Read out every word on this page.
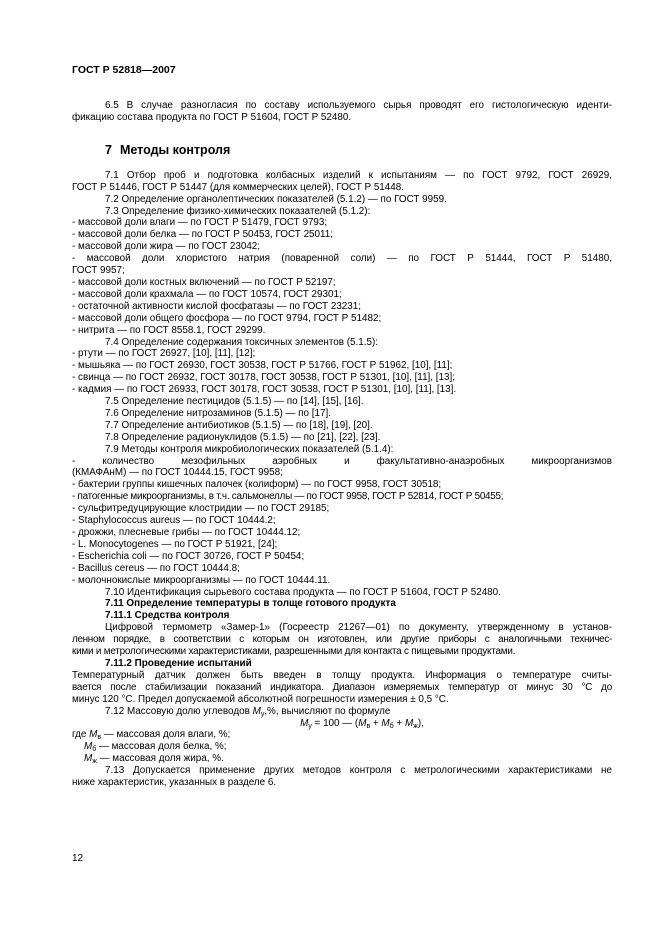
ГОСТ Р 52818—2007

6.5 В случае разногласия по составу используемого сырья проводят его гистологическую иденти-

фикацию состава продукта по ГОСТ Р 51604, ГОСТ Р 52480.

7 Методы контроля

7.1 Отбор проб и подготовка колбасных изделий к испытаниям — по ГОСТ 9792, ГОСТ 26929,

ГОСТ Р 51446, ГОСТ Р 51447 (для коммерческих целей), ГОСТ Р 51448.

7.2 Определение органолептических показателей (5.1.2) — по ГОСТ 9959.

7.3 Определение физико-химических показателей (5.1.2):

- массовой доли влаги — по ГОСТ Р 51479, ГОСТ 9793;

- массовой доли белка — по ГОСТ Р 50453, ГОСТ 25011;

- массовой доли жира — по ГОСТ 23042;

- массовой доли хлористого натрия (поваренной соли) — по ГОСТ Р 51444, ГОСТ Р 51480,

ГОСТ 9957;

- массовой доли костных включений — по ГОСТ Р 52197;

- массовой доли крахмала — по ГОСТ 10574, ГОСТ 29301;

- остаточной активности кислой фосфатазы — по ГОСТ 23231;

- массовой доли общего фосфора — по ГОСТ 9794, ГОСТ Р 51482;

- нитрита — по ГОСТ 8558.1, ГОСТ 29299.

7.4 Определение содержания токсичных элементов (5.1.5):

- ртути — по ГОСТ 26927, [10], [11], [12];

- мышьяка — по ГОСТ 26930, ГОСТ 30538, ГОСТ Р 51766, ГОСТ Р 51962, [10], [11];

- свинца — по ГОСТ 26932, ГОСТ 30178, ГОСТ 30538, ГОСТ Р 51301, [10], [11], [13];

- кадмия — по ГОСТ 26933, ГОСТ 30178, ГОСТ 30538, ГОСТ Р 51301, [10], [11], [13].

7.5 Определение пестицидов (5.1.5) — по [14], [15], [16].

7.6 Определение нитрозаминов (5.1.5) — по [17].

7.7 Определение антибиотиков (5.1.5) — по [18], [19], [20].

7.8 Определение радионуклидов (5.1.5) — по [21], [22], [23].

7.9 Методы контроля микробиологических показателей (5.1.4):

- количество мезофильных аэробных и факультативно-анаэробных микроорганизмов

(КМАФАнМ) — по ГОСТ 10444.15, ГОСТ 9958;

- бактерии группы кишечных палочек (колиформ) — по ГОСТ 9958, ГОСТ 30518;

- патогенные микроорганизмы, в т.ч. сальмонеллы — по ГОСТ 9958, ГОСТ Р 52814, ГОСТ Р 50455;

- сульфитредуцирующие клостридии — по ГОСТ 29185;

- Staphylococcus aureus — по ГОСТ 10444.2;

- дрожжи, плесневые грибы — по ГОСТ 10444.12;

- L. Monocytogenes — по ГОСТ Р 51921, [24];

- Escherichia coli — по ГОСТ 30726, ГОСТ Р 50454;

- Bacillus cereus — по ГОСТ 10444.8;

- молочнокислые микроорганизмы — по ГОСТ 10444.11.

7.10 Идентификация сырьевого состава продукта — по ГОСТ Р 51604, ГОСТ Р 52480.

7.11 Определение температуры в толще готового продукта

7.11.1 Средства контроля

Цифровой термометр «Замер-1» (Госреестр 21267—01) по документу, утвержденному в установ-

ленном порядке, в соответствии с которым он изготовлен, или другие приборы с аналогичными техничес-

кими и метрологическими характеристиками, разрешенными для контакта с пищевыми продуктами.

7.11.2 Проведение испытаний

Температурный датчик должен быть введен в толщу продукта. Информация о температуре считы-

вается после стабилизации показаний индикатора. Диапазон измеряемых температур от минус 30 °С до

минус 120 °С. Предел допускаемой абсолютной погрешности измерения ± 0,5 °С.

7.12 Массовую долю углеводов $M_у,\%$, вычисляют по формуле

$M_у = 100$ — $(M_в + M_б + M_ж)$,

где $M_в$ — массовая доля влаги, %;

$M_б$ — массовая доля белка, %;

$M_ж$ — массовая доля жира, %.

7.13 Допускается применение других методов контроля с метрологическими характеристиками не

ниже характеристик, указанных в разделе 6.

12
